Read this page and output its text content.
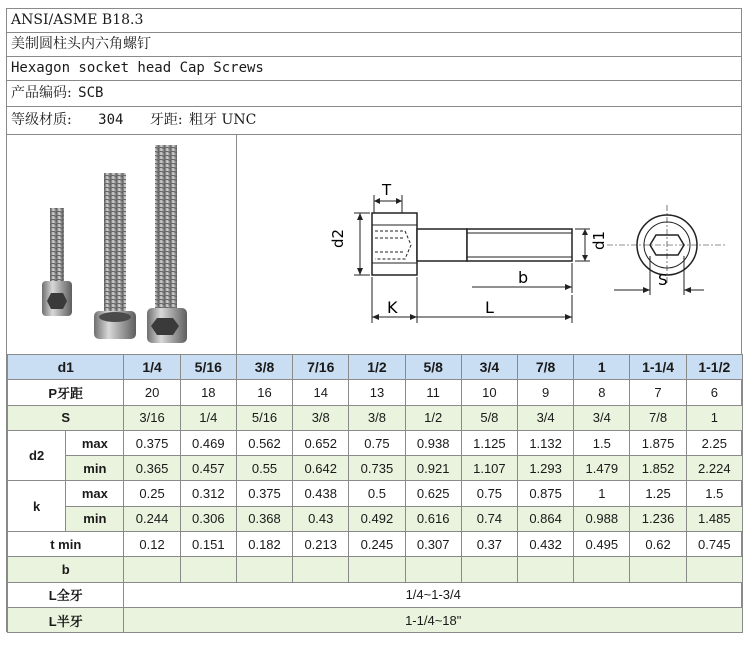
ANSI/ASME B18.3
美制圆柱头内六角螺钉
Hexagon socket head Cap Screws
产品编码: SCB
等级材质: 304 牙距: 粗牙 UNC
T
d2	d1
b
K	L
S
d1		1/4	5/16	3/8	7/16	1/2	5/8	3/4	7/8	1	1-1/4	1-1/2
P牙距		20	18	16	14	13	11	10	9	8	7	6
S		3/16	1/4	5/16	3/8	3/8	1/2	5/8	3/4	3/4	7/8	1
d2	max	0.375	0.469	0.562	0.652	0.75	0.938	1.125	1.132	1.5	1.875	2.25
	min	0.365	0.457	0.55	0.642	0.735	0.921	1.107	1.293	1.479	1.852	2.224
k	max	0.25	0.312	0.375	0.438	0.5	0.625	0.75	0.875	1	1.25	1.5
	min	0.244	0.306	0.368	0.43	0.492	0.616	0.74	0.864	0.988	1.236	1.485
t min		0.12	0.151	0.182	0.213	0.245	0.307	0.37	0.432	0.495	0.62	0.745
b												
L全牙		1/4~1-3/4										
L半牙		1-1/4~18"										
